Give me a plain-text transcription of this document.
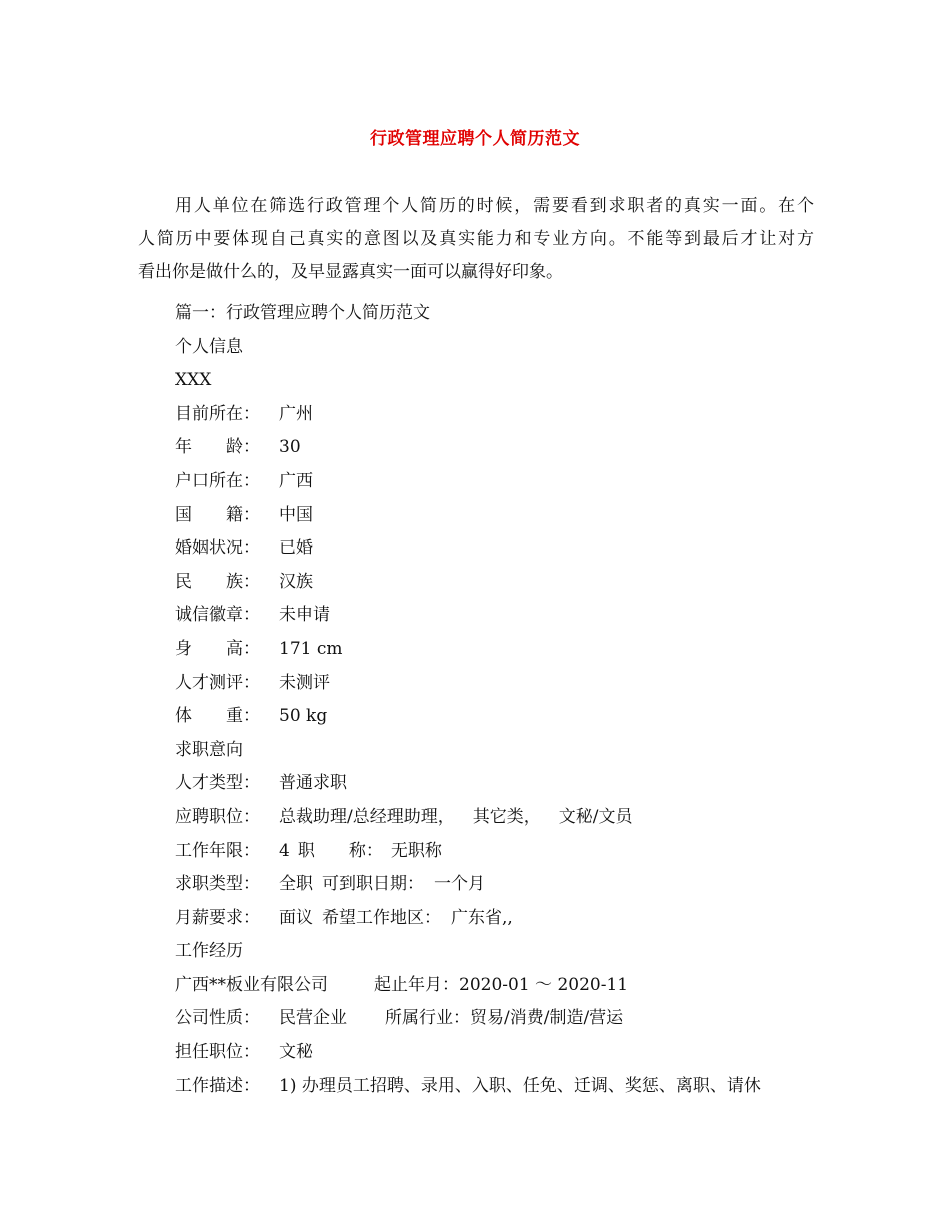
行政管理应聘个人简历范文
用人单位在筛选行政管理个人简历的时候，需要看到求职者的真实一面。在个
人简历中要体现自己真实的意图以及真实能力和专业方向。不能等到最后才让对方
看出你是做什么的，及早显露真实一面可以赢得好印象。
篇一：行政管理应聘个人简历范文
个人信息
XXX
目前所在： 广州
年　　龄： 30
户口所在： 广西
国　　籍： 中国
婚姻状况： 已婚
民　　族： 汉族
诚信徽章： 未申请
身　　高： 171 cm
人才测评： 未测评
体　　重： 50 kg
求职意向
人才类型： 普通求职
应聘职位： 总裁助理/总经理助理， 其它类， 文秘/文员
工作年限： 4 职　　称： 无职称
求职类型： 全职 可到职日期： 一个月
月薪要求： 面议 希望工作地区： 广东省,,
工作经历
广西**板业有限公司	起止年月：2020-01 ～ 2020-11
公司性质： 民营企业 所属行业：贸易/消费/制造/营运
担任职位： 文秘
工作描述： 1) 办理员工招聘、录用、入职、任免、迁调、奖惩、离职、请休
